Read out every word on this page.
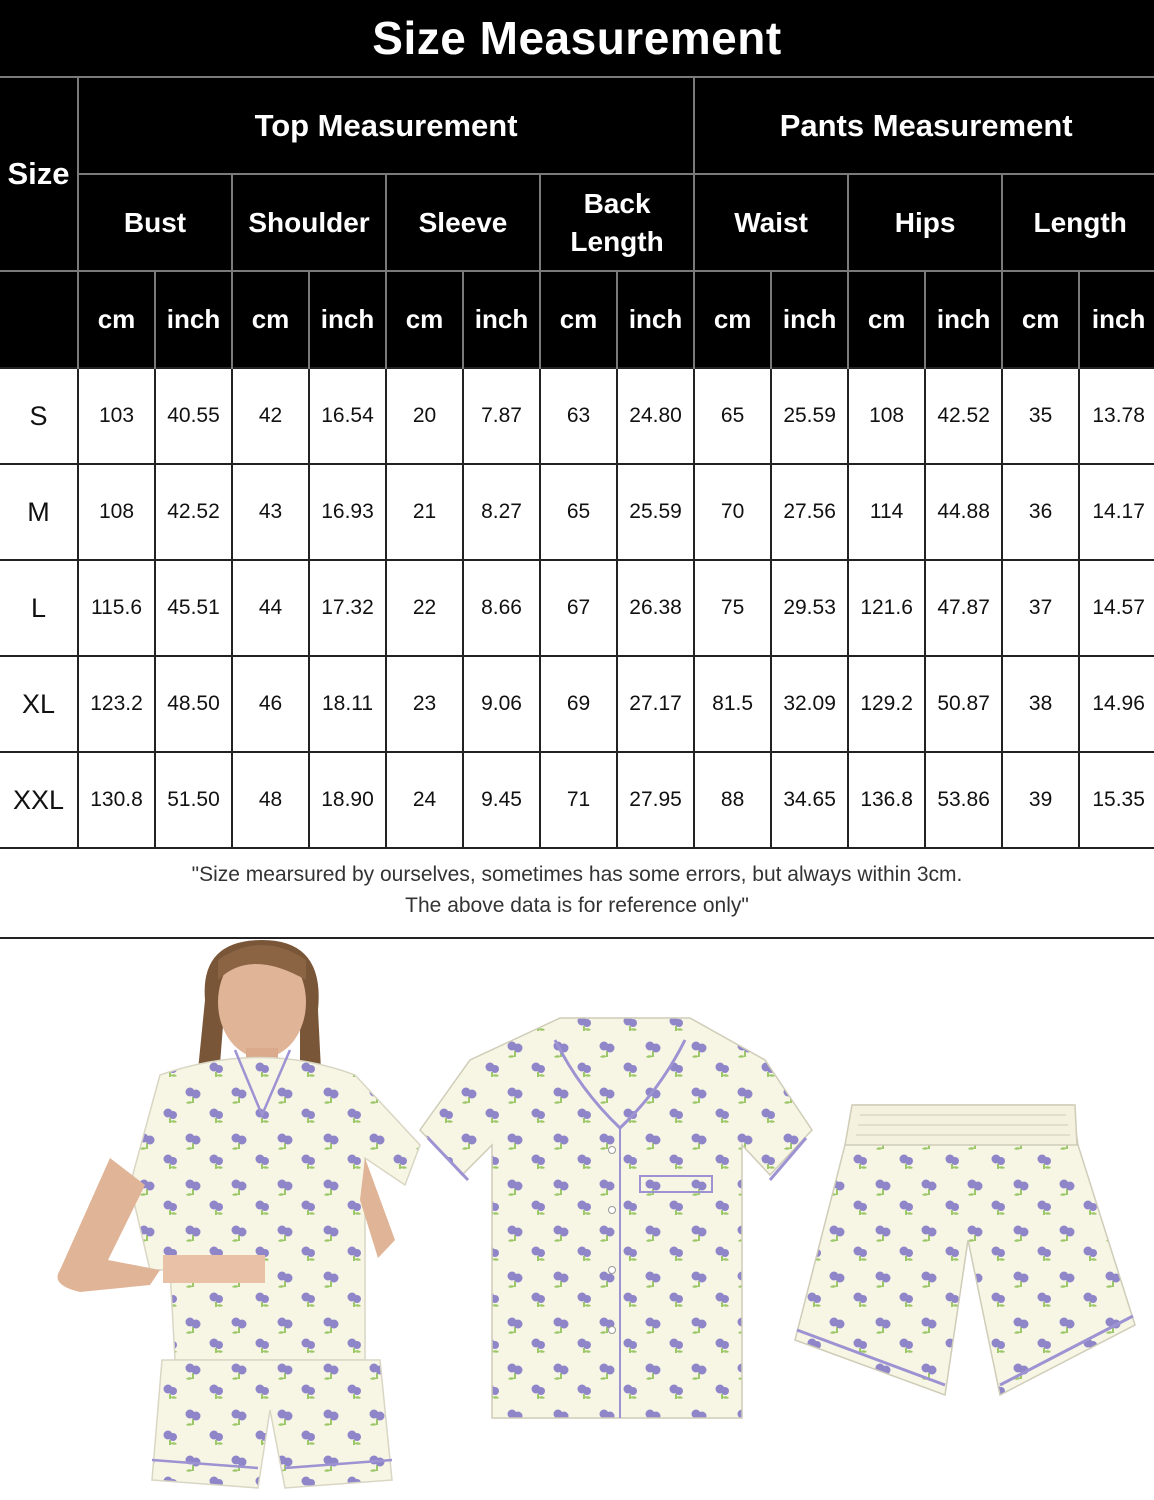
Size Measurement
Size	Top Measurement								Pants Measurement					
	Bust		Shoulder		Sleeve		Back Length		Waist		Hips		Length	
	cm	inch	cm	inch	cm	inch	cm	inch	cm	inch	cm	inch	cm	inch
S	103	40.55	42	16.54	20	7.87	63	24.80	65	25.59	108	42.52	35	13.78
M	108	42.52	43	16.93	21	8.27	65	25.59	70	27.56	114	44.88	36	14.17
L	115.6	45.51	44	17.32	22	8.66	67	26.38	75	29.53	121.6	47.87	37	14.57
XL	123.2	48.50	46	18.11	23	9.06	69	27.17	81.5	32.09	129.2	50.87	38	14.96
XXL	130.8	51.50	48	18.90	24	9.45	71	27.95	88	34.65	136.8	53.86	39	15.35
"Size mearsured by ourselves, sometimes has some errors, but always within 3cm.
The above data is for reference only"
